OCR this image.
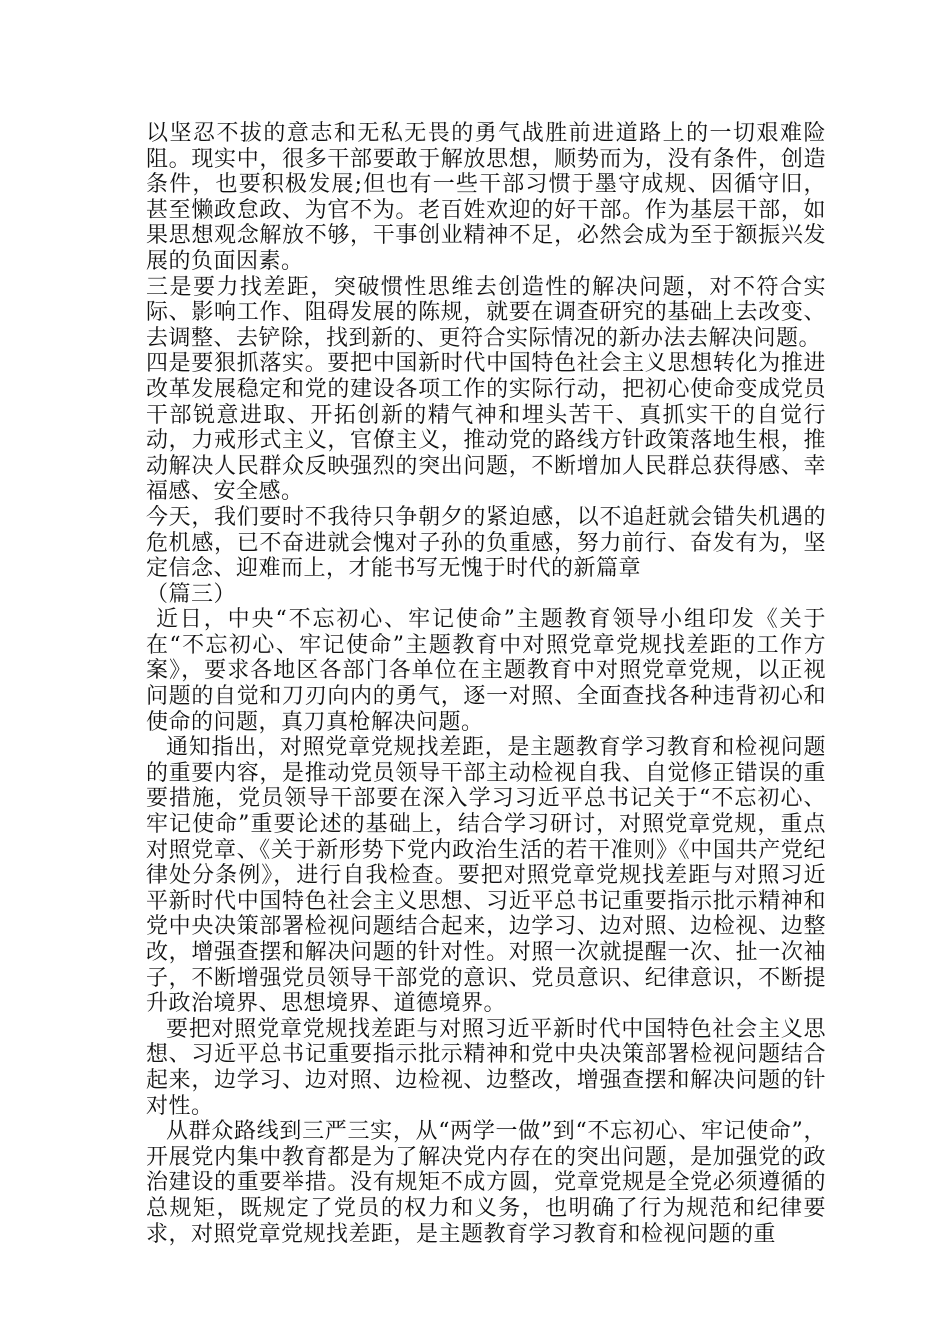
以坚忍不拔的意志和无私无畏的勇气战胜前进道路上的一切艰难险阻。现实中，很多干部要敢于解放思想，顺势而为，没有条件，创造条件，也要积极发展;但也有一些干部习惯于墨守成规、因循守旧，甚至懒政怠政、为官不为。老百姓欢迎的好干部。作为基层干部，如果思想观念解放不够，干事创业精神不足，必然会成为至于额振兴发展的负面因素。

三是要力找差距，突破惯性思维去创造性的解决问题，对不符合实际、影响工作、阻碍发展的陈规，就要在调查研究的基础上去改变、去调整、去铲除，找到新的、更符合实际情况的新办法去解决问题。

四是要狠抓落实。要把中国新时代中国特色社会主义思想转化为推进改革发展稳定和党的建设各项工作的实际行动，把初心使命变成党员干部锐意进取、开拓创新的精气神和埋头苦干、真抓实干的自觉行动，力戒形式主义，官僚主义，推动党的路线方针政策落地生根，推动解决人民群众反映强烈的突出问题，不断增加人民群总获得感、幸福感、安全感。

今天，我们要时不我待只争朝夕的紧迫感，以不追赶就会错失机遇的危机感，已不奋进就会愧对子孙的负重感，努力前行、奋发有为，坚定信念、迎难而上，才能书写无愧于时代的新篇章

（篇三）

近日，中央“不忘初心、牢记使命”主题教育领导小组印发《关于在“不忘初心、牢记使命”主题教育中对照党章党规找差距的工作方案》，要求各地区各部门各单位在主题教育中对照党章党规，以正视问题的自觉和刀刃向内的勇气，逐一对照、全面查找各种违背初心和使命的问题，真刀真枪解决问题。

通知指出，对照党章党规找差距，是主题教育学习教育和检视问题的重要内容，是推动党员领导干部主动检视自我、自觉修正错误的重要措施，党员领导干部要在深入学习习近平总书记关于“不忘初心、牢记使命”重要论述的基础上，结合学习研讨，对照党章党规，重点对照党章、《关于新形势下党内政治生活的若干准则》《中国共产党纪律处分条例》，进行自我检查。要把对照党章党规找差距与对照习近平新时代中国特色社会主义思想、习近平总书记重要指示批示精神和党中央决策部署检视问题结合起来，边学习、边对照、边检视、边整改，增强查摆和解决问题的针对性。对照一次就提醒一次、扯一次袖子，不断增强党员领导干部党的意识、党员意识、纪律意识，不断提升政治境界、思想境界、道德境界。

要把对照党章党规找差距与对照习近平新时代中国特色社会主义思想、习近平总书记重要指示批示精神和党中央决策部署检视问题结合起来，边学习、边对照、边检视、边整改，增强查摆和解决问题的针对性。

从群众路线到三严三实，从“两学一做”到“不忘初心、牢记使命”，开展党内集中教育都是为了解决党内存在的突出问题，是加强党的政治建设的重要举措。没有规矩不成方圆，党章党规是全党必须遵循的总规矩，既规定了党员的权力和义务，也明确了行为规范和纪律要求，对照党章党规找差距，是主题教育学习教育和检视问题的重
